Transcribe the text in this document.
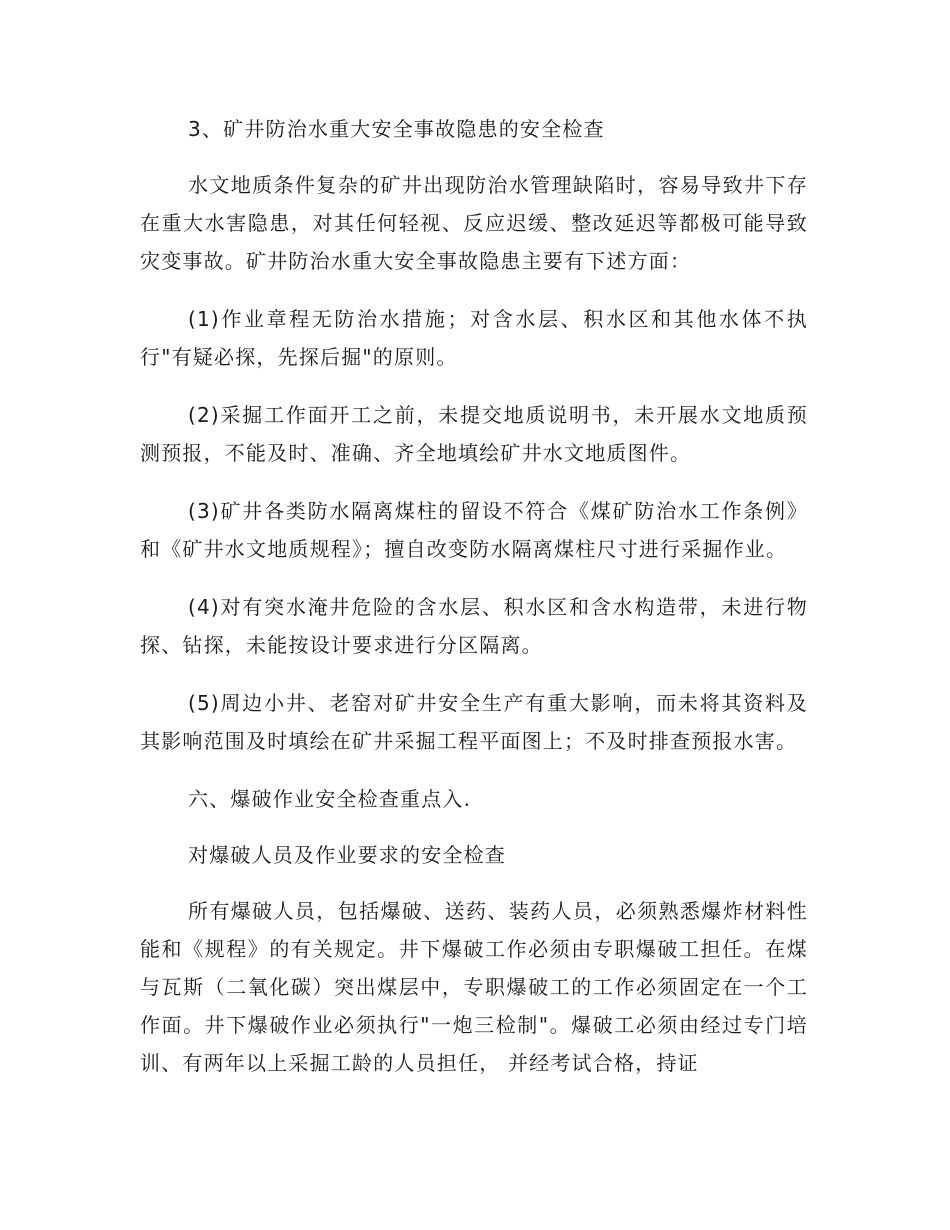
3、矿井防治水重大安全事故隐患的安全检查

水文地质条件复杂的矿井出现防治水管理缺陷时，容易导致井下存在重大水害隐患，对其任何轻视、反应迟缓、整改延迟等都极可能导致灾变事故。矿井防治水重大安全事故隐患主要有下述方面：

(1)作业章程无防治水措施；对含水层、积水区和其他水体不执行"有疑必探，先探后掘"的原则。

(2)采掘工作面开工之前，未提交地质说明书，未开展水文地质预测预报，不能及时、准确、齐全地填绘矿井水文地质图件。

(3)矿井各类防水隔离煤柱的留设不符合《煤矿防治水工作条例》和《矿井水文地质规程》；擅自改变防水隔离煤柱尺寸进行采掘作业。

(4)对有突水淹井危险的含水层、积水区和含水构造带，未进行物探、钻探，未能按设计要求进行分区隔离。

(5)周边小井、老窑对矿井安全生产有重大影响，而未将其资料及其影响范围及时填绘在矿井采掘工程平面图上；不及时排查预报水害。

六、爆破作业安全检查重点入.

对爆破人员及作业要求的安全检查

所有爆破人员，包括爆破、送药、装药人员，必须熟悉爆炸材料性能和《规程》的有关规定。井下爆破工作必须由专职爆破工担任。在煤与瓦斯（二氧化碳）突出煤层中，专职爆破工的工作必须固定在一个工作面。井下爆破作业必须执行"一炮三检制"。爆破工必须由经过专门培训、有两年以上采掘工龄的人员担任， 并经考试合格，持证
